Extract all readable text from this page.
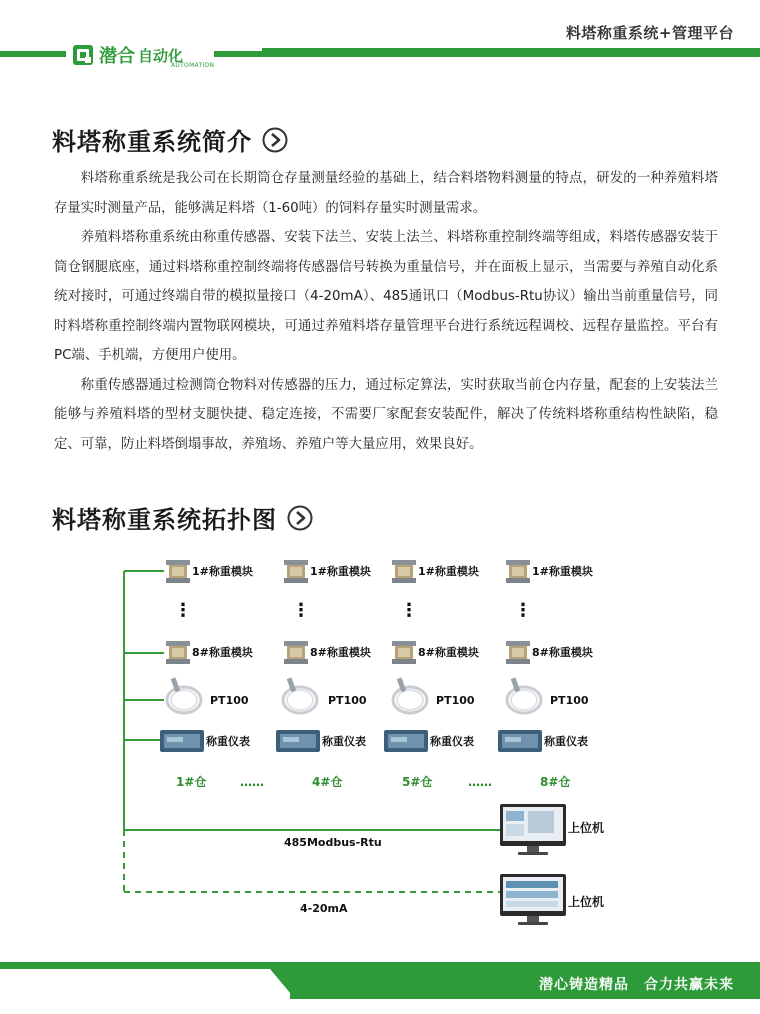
料塔称重系统+管理平台
潜合 自动化
AUTOMATION
料塔称重系统简介

料塔称重系统是我公司在长期筒仓存量测量经验的基础上，结合料塔物料测量的特点，研发的一种养殖料塔存量实时测量产品，能够满足料塔（1-60吨）的饲料存量实时测量需求。

养殖料塔称重系统由称重传感器、安装下法兰、安装上法兰、料塔称重控制终端等组成，料塔传感器安装于筒仓钢腿底座，通过料塔称重控制终端将传感器信号转换为重量信号，并在面板上显示，当需要与养殖自动化系统对接时，可通过终端自带的模拟量接口（4-20mA）、485通讯口（Modbus-Rtu协议）输出当前重量信号，同时料塔称重控制终端内置物联网模块，可通过养殖料塔存量管理平台进行系统远程调校、远程存量监控。平台有PC端、手机端，方便用户使用。

称重传感器通过检测筒仓物料对传感器的压力，通过标定算法，实时获取当前仓内存量，配套的上安装法兰能够与养殖料塔的型材支腿快捷、稳定连接，不需要厂家配套安装配件，解决了传统料塔称重结构性缺陷，稳定、可靠，防止料塔倒塌事故，养殖场、养殖户等大量应用，效果良好。

料塔称重系统拓扑图
1#称重模块
⋮
8#称重模块
PT100
称重仪表
1#称重模块
⋮
8#称重模块
PT100
称重仪表
1#称重模块
⋮
8#称重模块
PT100
称重仪表
1#称重模块
⋮
8#称重模块
PT100
称重仪表
1#仓	……	4#仓	5#仓	……	8#仓
485Modbus-Rtu
4-20mA
上位机
上位机
潜心铸造精品　合力共赢未来
